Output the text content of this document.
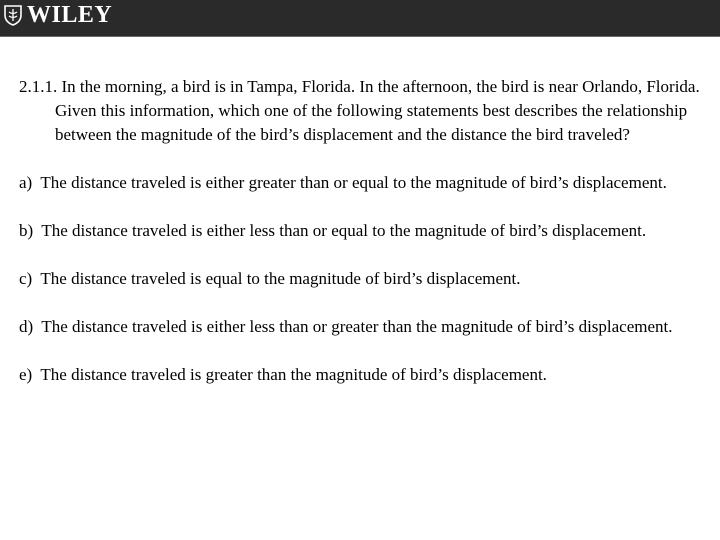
WILEY

2.1.1. In the morning, a bird is in Tampa, Florida. In the afternoon, the bird is near Orlando, Florida. Given this information, which one of the following statements best describes the relationship between the magnitude of the bird’s displacement and the distance the bird traveled?

a) The distance traveled is either greater than or equal to the magnitude of bird’s displacement.

b) The distance traveled is either less than or equal to the magnitude of bird’s displacement.

c) The distance traveled is equal to the magnitude of bird’s displacement.

d) The distance traveled is either less than or greater than the magnitude of bird’s displacement.

e) The distance traveled is greater than the magnitude of bird’s displacement.
